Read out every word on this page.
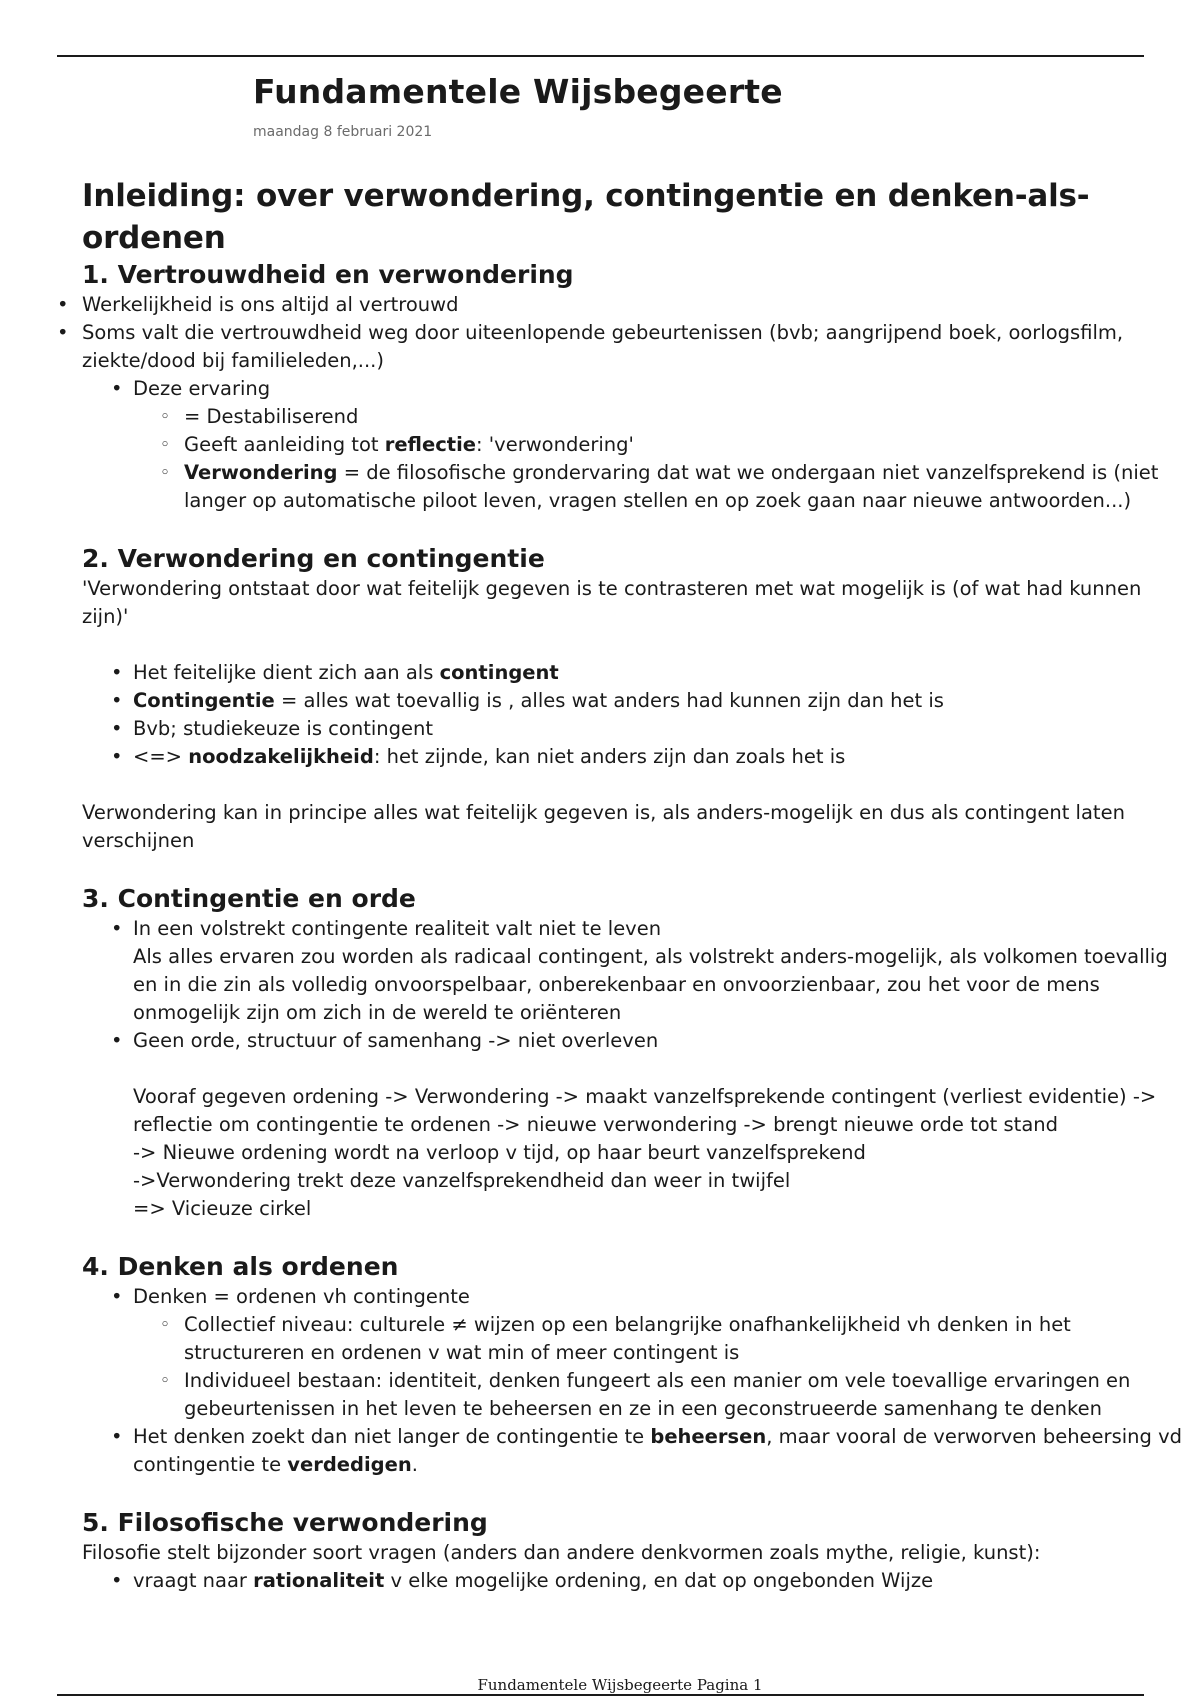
Fundamentele Wijsbegeerte

maandag 8 februari 2021

Inleiding: over verwondering, contingentie en denken-als-ordenen
1. Vertrouwdheid en verwondering
• Werkelijkheid is ons altijd al vertrouwd
• Soms valt die vertrouwdheid weg door uiteenlopende gebeurtenissen (bvb; aangrijpend boek, oorlogsfilm, ziekte/dood bij familieleden,...)
• Deze ervaring
◦ = Destabiliserend
◦ Geeft aanleiding tot reflectie: 'verwondering'
◦ Verwondering = de filosofische grondervaring dat wat we ondergaan niet vanzelfsprekend is (niet langer op automatische piloot leven, vragen stellen en op zoek gaan naar nieuwe antwoorden...)
2. Verwondering en contingentie

'Verwondering ontstaat door wat feitelijk gegeven is te contrasteren met wat mogelijk is (of wat had kunnen zijn)'

• Het feitelijke dient zich aan als contingent
• Contingentie = alles wat toevallig is , alles wat anders had kunnen zijn dan het is
• Bvb; studiekeuze is contingent
• <=> noodzakelijkheid: het zijnde, kan niet anders zijn dan zoals het is

Verwondering kan in principe alles wat feitelijk gegeven is, als anders-mogelijk en dus als contingent laten verschijnen

3. Contingentie en orde
• In een volstrekt contingente realiteit valt niet te leven
Als alles ervaren zou worden als radicaal contingent, als volstrekt anders-mogelijk, als volkomen toevallig en in die zin als volledig onvoorspelbaar, onberekenbaar en onvoorzienbaar, zou het voor de mens onmogelijk zijn om zich in de wereld te oriënteren
• Geen orde, structuur of samenhang -> niet overleven

Vooraf gegeven ordening -> Verwondering -> maakt vanzelfsprekende contingent (verliest evidentie) -> reflectie om contingentie te ordenen -> nieuwe verwondering -> brengt nieuwe orde tot stand

-> Nieuwe ordening wordt na verloop v tijd, op haar beurt vanzelfsprekend

->Verwondering trekt deze vanzelfsprekendheid dan weer in twijfel

=> Vicieuze cirkel

4. Denken als ordenen
• Denken = ordenen vh contingente
◦ Collectief niveau: culturele ≠ wijzen op een belangrijke onafhankelijkheid vh denken in het structureren en ordenen v wat min of meer contingent is
◦ Individueel bestaan: identiteit, denken fungeert als een manier om vele toevallige ervaringen en gebeurtenissen in het leven te beheersen en ze in een geconstrueerde samenhang te denken
• Het denken zoekt dan niet langer de contingentie te beheersen, maar vooral de verworven beheersing vd contingentie te verdedigen.
5. Filosofische verwondering

Filosofie stelt bijzonder soort vragen (anders dan andere denkvormen zoals mythe, religie, kunst):

• vraagt naar rationaliteit v elke mogelijke ordening, en dat op ongebonden Wijze

Fundamentele Wijsbegeerte Pagina 1
